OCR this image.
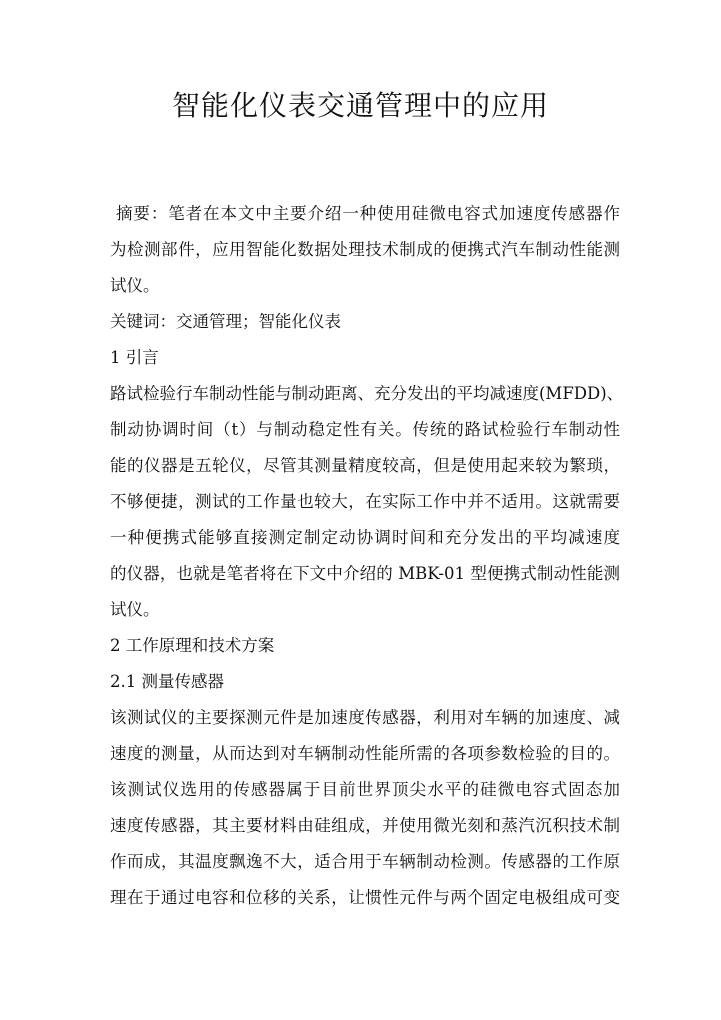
智能化仪表交通管理中的应用
摘要：笔者在本文中主要介绍一种使用硅微电容式加速度传感器作
为检测部件，应用智能化数据处理技术制成的便携式汽车制动性能测
试仪。
关键词：交通管理；智能化仪表
1 引言
路试检验行车制动性能与制动距离、充分发出的平均减速度(MFDD)、
制动协调时间（t）与制动稳定性有关。传统的路试检验行车制动性
能的仪器是五轮仪，尽管其测量精度较高，但是使用起来较为繁琐，
不够便捷，测试的工作量也较大，在实际工作中并不适用。这就需要
一种便携式能够直接测定制定动协调时间和充分发出的平均减速度
的仪器，也就是笔者将在下文中介绍的 MBK-01 型便携式制动性能测
试仪。
2 工作原理和技术方案
2.1 测量传感器
该测试仪的主要探测元件是加速度传感器，利用对车辆的加速度、减
速度的测量，从而达到对车辆制动性能所需的各项参数检验的目的。
该测试仪选用的传感器属于目前世界顶尖水平的硅微电容式固态加
速度传感器，其主要材料由硅组成，并使用微光刻和蒸汽沉积技术制
作而成，其温度飘逸不大，适合用于车辆制动检测。传感器的工作原
理在于通过电容和位移的关系，让惯性元件与两个固定电极组成可变
